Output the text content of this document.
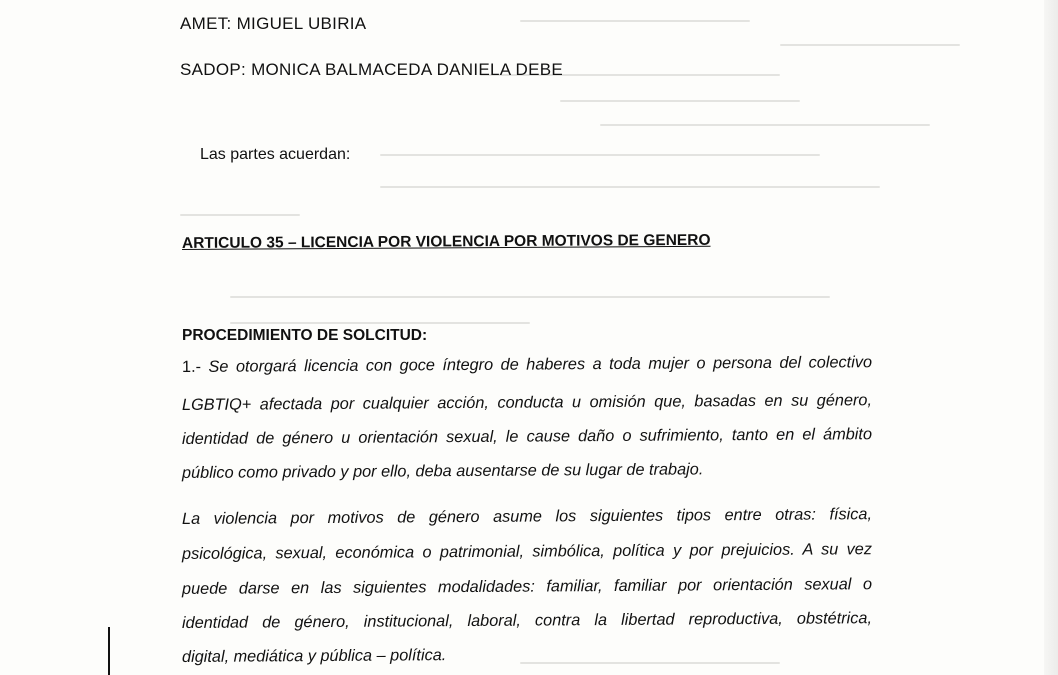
AMET: MIGUEL UBIRIA
SADOP: MONICA BALMACEDA DANIELA DEBE
Las partes acuerdan:
ARTICULO 35 – LICENCIA POR VIOLENCIA POR MOTIVOS DE GENERO
PROCEDIMIENTO DE SOLCITUD:
1.- Se otorgará licencia con goce íntegro de haberes a toda mujer o persona del colectivo
LGBTIQ+ afectada por cualquier acción, conducta u omisión que, basadas en su género,
identidad de género u orientación sexual, le cause daño o sufrimiento, tanto en el ámbito
público como privado y por ello, deba ausentarse de su lugar de trabajo.
La violencia por motivos de género asume los siguientes tipos entre otras: física,
psicológica, sexual, económica o patrimonial, simbólica, política y por prejuicios. A su vez
puede darse en las siguientes modalidades: familiar, familiar por orientación sexual o
identidad de género, institucional, laboral, contra la libertad reproductiva, obstétrica,
digital, mediática y pública – política.
